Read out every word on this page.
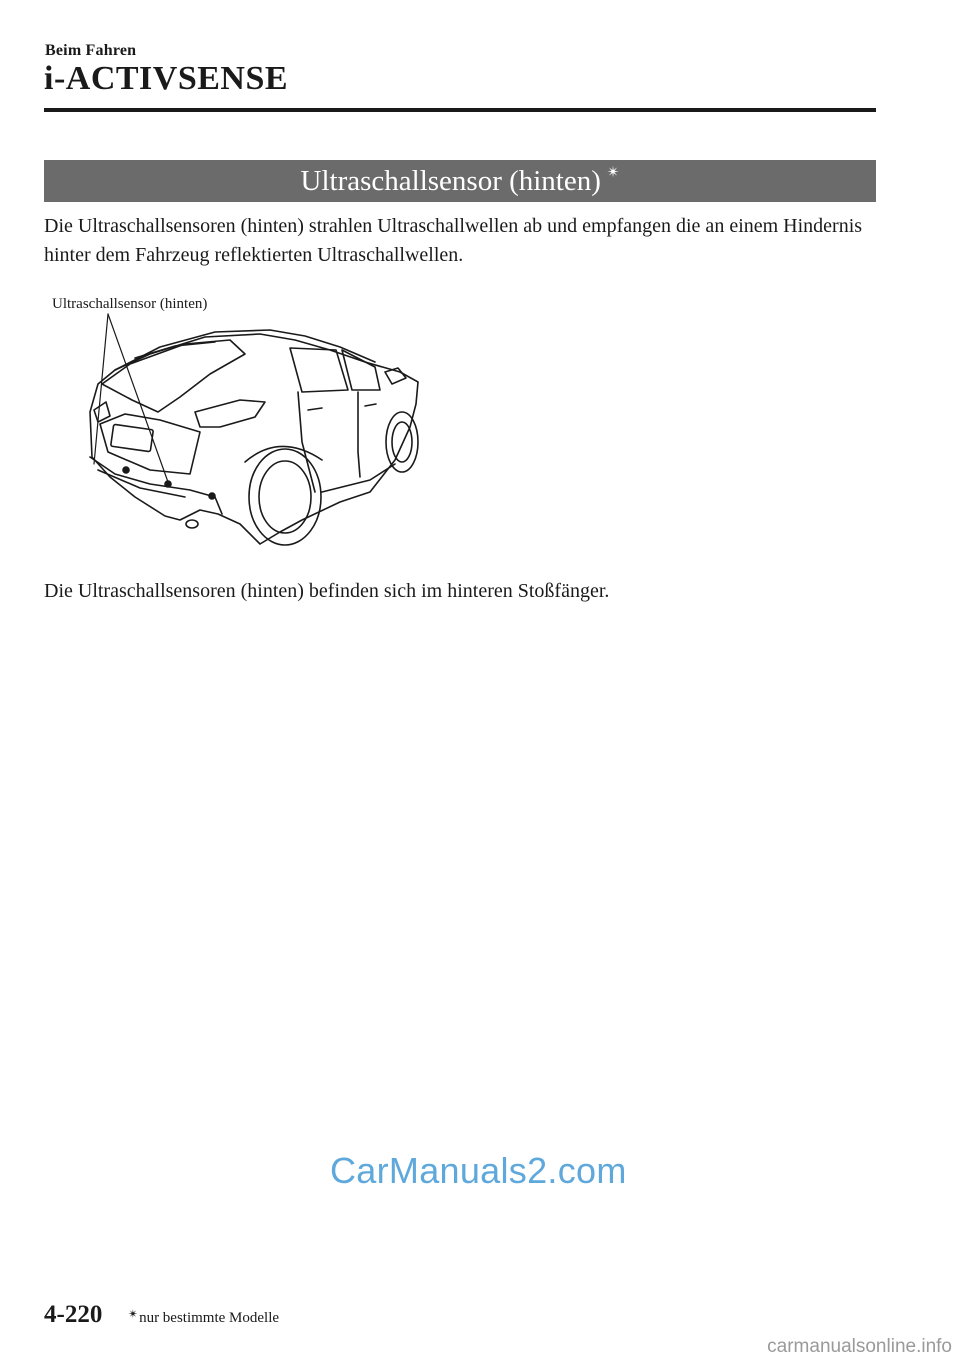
Beim Fahren
i-ACTIVSENSE
Ultraschallsensor (hinten) ✴
Die Ultraschallsensoren (hinten) strahlen Ultraschallwellen ab und empfangen die an einem Hindernis hinter dem Fahrzeug reflektierten Ultraschallwellen.
Ultraschallsensor (hinten)
Die Ultraschallsensoren (hinten) befinden sich im hinteren Stoßfänger.
CarManuals2.com
4-220 ✴nur bestimmte Modelle
carmanualsonline.info
